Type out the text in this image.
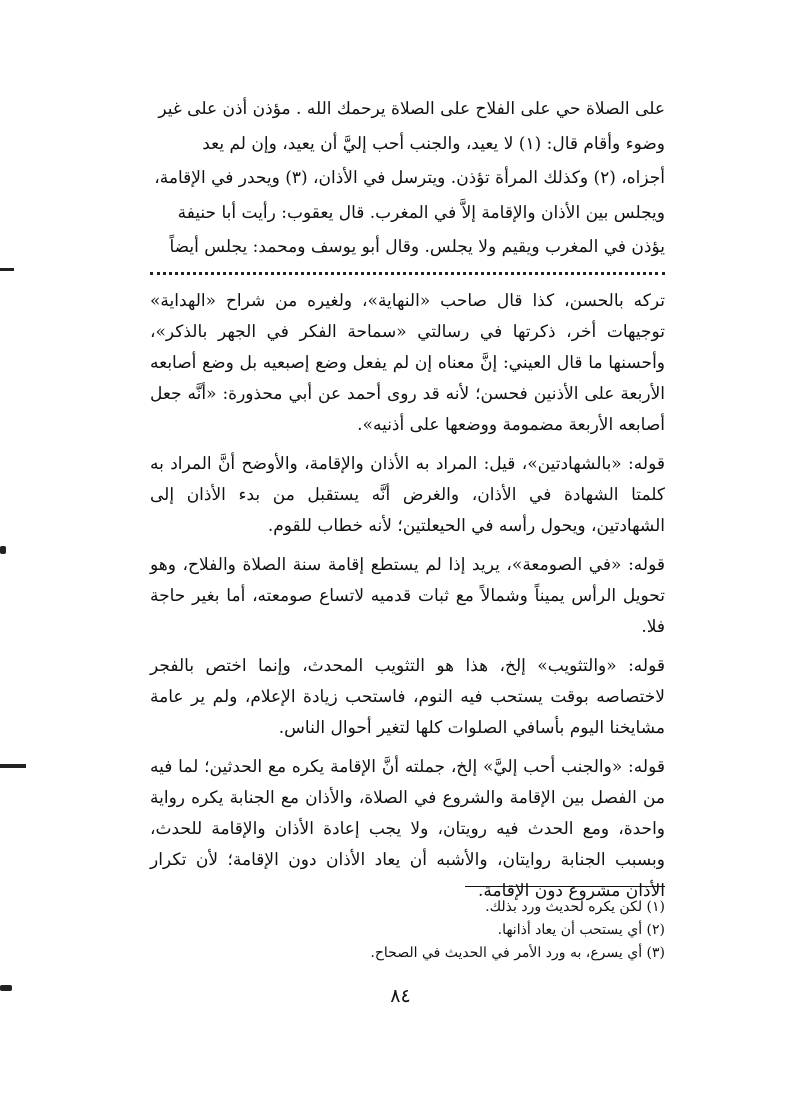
على الصلاة حي على الفلاح على الصلاة يرحمك الله . مؤذن أذن على غير
وضوء وأقام قال: (١) لا يعيد، والجنب أحب إليَّ أن يعيد، وإن لم يعد
أجزاه، (٢) وكذلك المرأة تؤذن. ويترسل في الأذان، (٣) ويحدر في الإقامة،
ويجلس بين الأذان والإقامة إلاَّ في المغرب. قال يعقوب: رأيت أبا حنيفة
يؤذن في المغرب ويقيم ولا يجلس. وقال أبو يوسف ومحمد: يجلس أيضاً
تركه بالحسن، كذا قال صاحب «النهاية»، ولغيره من شراح «الهداية» توجيهات أخر، ذكرتها في رسالتي «سماحة الفكر في الجهر بالذكر»، وأحسنها ما قال العيني: إنَّ معناه إن لم يفعل وضع إصبعيه بل وضع أصابعه الأربعة على الأذنين فحسن؛ لأنه قد روى أحمد عن أبي محذورة: «أنَّه جعل أصابعه الأربعة مضمومة ووضعها على أذنيه».
قوله: «بالشهادتين»، قيل: المراد به الأذان والإقامة، والأوضح أنَّ المراد به كلمتا الشهادة في الأذان، والغرض أنَّه يستقبل من بدء الأذان إلى الشهادتين، ويحول رأسه في الحيعلتين؛ لأنه خطاب للقوم.
قوله: «في الصومعة»، يريد إذا لم يستطع إقامة سنة الصلاة والفلاح، وهو تحويل الرأس يميناً وشمالاً مع ثبات قدميه لاتساع صومعته، أما بغير حاجة فلا.
قوله: «والتثويب» إلخ، هذا هو التثويب المحدث، وإنما اختص بالفجر لاختصاصه بوقت يستحب فيه النوم، فاستحب زيادة الإعلام، ولم ير عامة مشايخنا اليوم بأسافي الصلوات كلها لتغير أحوال الناس.
قوله: «والجنب أحب إليَّ» إلخ، جملته أنَّ الإقامة يكره مع الحدثين؛ لما فيه من الفصل بين الإقامة والشروع في الصلاة، والأذان مع الجنابة يكره رواية واحدة، ومع الحدث فيه رويتان، ولا يجب إعادة الأذان والإقامة للحدث، وبسبب الجنابة روايتان، والأشبه أن يعاد الأذان دون الإقامة؛ لأن تكرار الأذان مشروع دون الإقامة.
(١) لكن يكره لحديث ورد بذلك.
(٢) أي يستحب أن يعاد أذانها.
(٣) أي يسرع، به ورد الأمر في الحديث في الصحاح.
٨٤
